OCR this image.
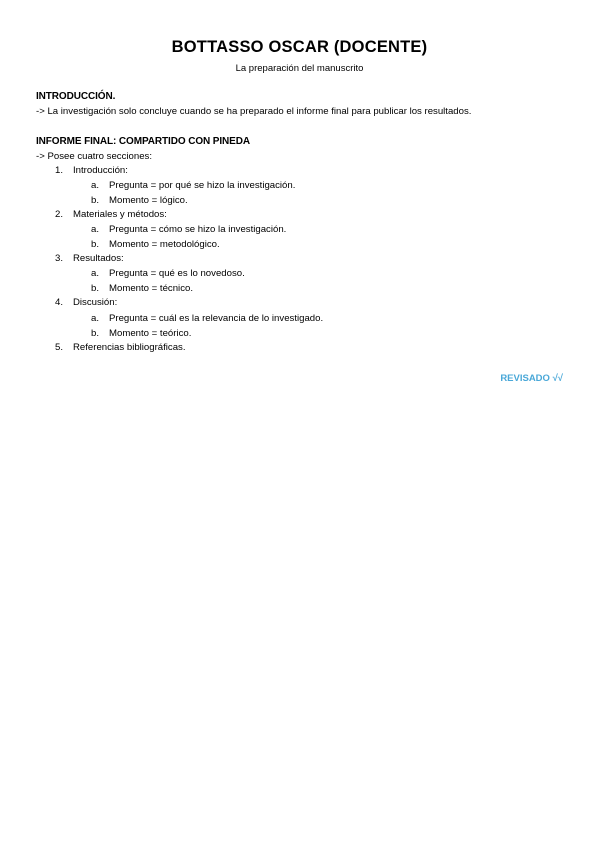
BOTTASSO OSCAR (DOCENTE)
La preparación del manuscrito
INTRODUCCIÓN.
-> La investigación solo concluye cuando se ha preparado el informe final para publicar los resultados.
INFORME FINAL: COMPARTIDO CON PINEDA
-> Posee cuatro secciones:
1. Introducción:
a. Pregunta = por qué se hizo la investigación.
b. Momento = lógico.
2. Materiales y métodos:
a. Pregunta = cómo se hizo la investigación.
b. Momento = metodológico.
3. Resultados:
a. Pregunta = qué es lo novedoso.
b. Momento = técnico.
4. Discusión:
a. Pregunta = cuál es la relevancia de lo investigado.
b. Momento = teórico.
5. Referencias bibliográficas.
REVISADO √√
